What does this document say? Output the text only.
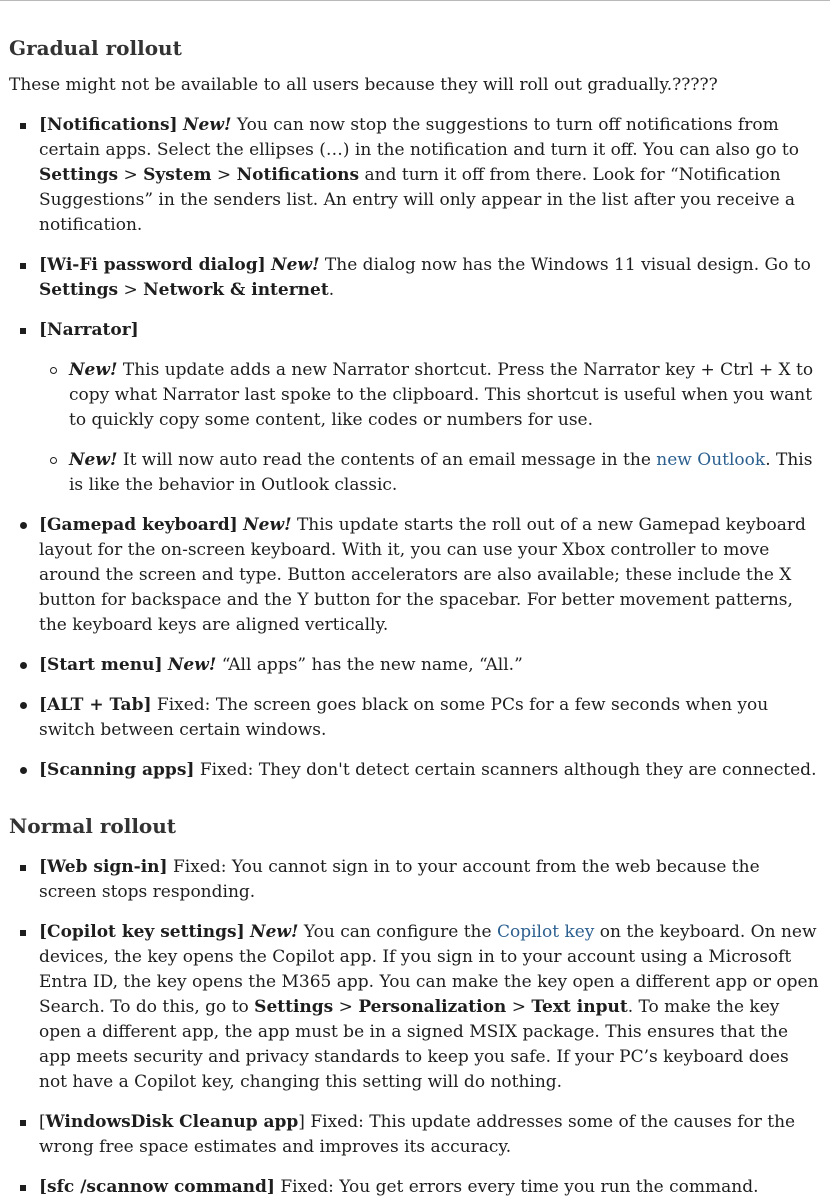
Gradual rollout

These might not be available to all users because they will roll out gradually.?????

[Notifications] New! You can now stop the suggestions to turn off notifications from certain apps. Select the ellipses (…) in the notification and turn it off. You can also go to Settings > System > Notifications and turn it off from there. Look for “Notification Suggestions” in the senders list. An entry will only appear in the list after you receive a notification.
[Wi-Fi password dialog] New! The dialog now has the Windows 11 visual design. Go to Settings > Network & internet.
[Narrator]
New! This update adds a new Narrator shortcut. Press the Narrator key + Ctrl + X to copy what Narrator last spoke to the clipboard. This shortcut is useful when you want to quickly copy some content, like codes or numbers for use.
New! It will now auto read the contents of an email message in the new Outlook. This is like the behavior in Outlook classic.
[Gamepad keyboard] New! This update starts the roll out of a new Gamepad keyboard layout for the on-screen keyboard. With it, you can use your Xbox controller to move around the screen and type. Button accelerators are also available; these include the X button for backspace and the Y button for the spacebar. For better movement patterns, the keyboard keys are aligned vertically.
[Start menu] New! “All apps” has the new name, “All.”
[ALT + Tab] Fixed: The screen goes black on some PCs for a few seconds when you switch between certain windows.
[Scanning apps] Fixed: They don't detect certain scanners although they are connected.
Normal rollout
[Web sign-in] Fixed: You cannot sign in to your account from the web because the screen stops responding.
[Copilot key settings] New! You can configure the Copilot key on the keyboard. On new devices, the key opens the Copilot app. If you sign in to your account using a Microsoft Entra ID, the key opens the M365 app. You can make the key open a different app or open Search. To do this, go to Settings > Personalization > Text input. To make the key open a different app, the app must be in a signed MSIX package. This ensures that the app meets security and privacy standards to keep you safe. If your PC’s keyboard does not have a Copilot key, changing this setting will do nothing.
[WindowsDisk Cleanup app] Fixed: This update addresses some of the causes for the wrong free space estimates and improves its accuracy.
[sfc /scannow command] Fixed: You get errors every time you run the command.
